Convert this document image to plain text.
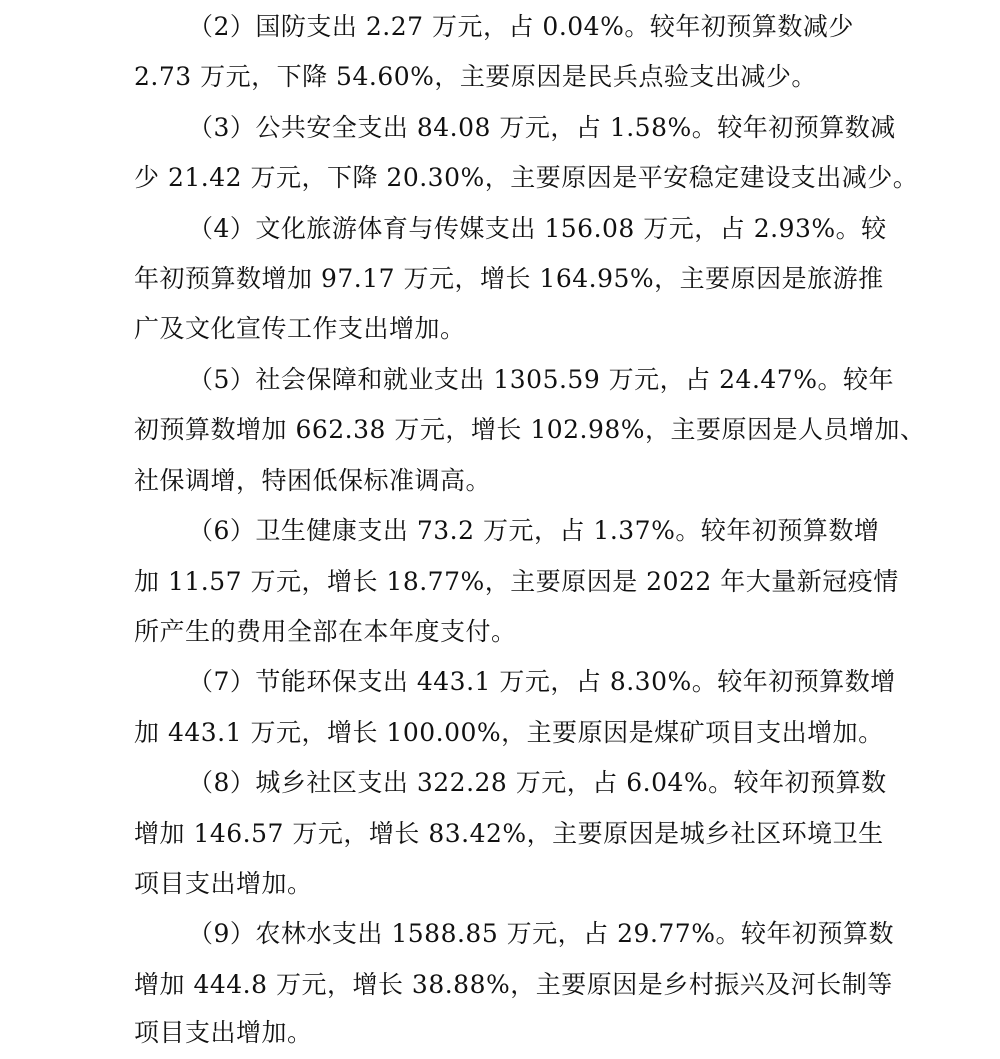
（2）国防支出 2.27 万元，占 0.04%。较年初预算数减少
2.73 万元，下降 54.60%，主要原因是民兵点验支出减少。
（3）公共安全支出 84.08 万元，占 1.58%。较年初预算数减
少 21.42 万元，下降 20.30%，主要原因是平安稳定建设支出减少。
（4）文化旅游体育与传媒支出 156.08 万元，占 2.93%。较
年初预算数增加 97.17 万元，增长 164.95%，主要原因是旅游推
广及文化宣传工作支出增加。
（5）社会保障和就业支出 1305.59 万元，占 24.47%。较年
初预算数增加 662.38 万元，增长 102.98%，主要原因是人员增加、
社保调增，特困低保标准调高。
（6）卫生健康支出 73.2 万元，占 1.37%。较年初预算数增
加 11.57 万元，增长 18.77%，主要原因是 2022 年大量新冠疫情
所产生的费用全部在本年度支付。
（7）节能环保支出 443.1 万元，占 8.30%。较年初预算数增
加 443.1 万元，增长 100.00%，主要原因是煤矿项目支出增加。
（8）城乡社区支出 322.28 万元，占 6.04%。较年初预算数
增加 146.57 万元，增长 83.42%，主要原因是城乡社区环境卫生
项目支出增加。
（9）农林水支出 1588.85 万元，占 29.77%。较年初预算数
增加 444.8 万元，增长 38.88%，主要原因是乡村振兴及河长制等
项目支出增加。
